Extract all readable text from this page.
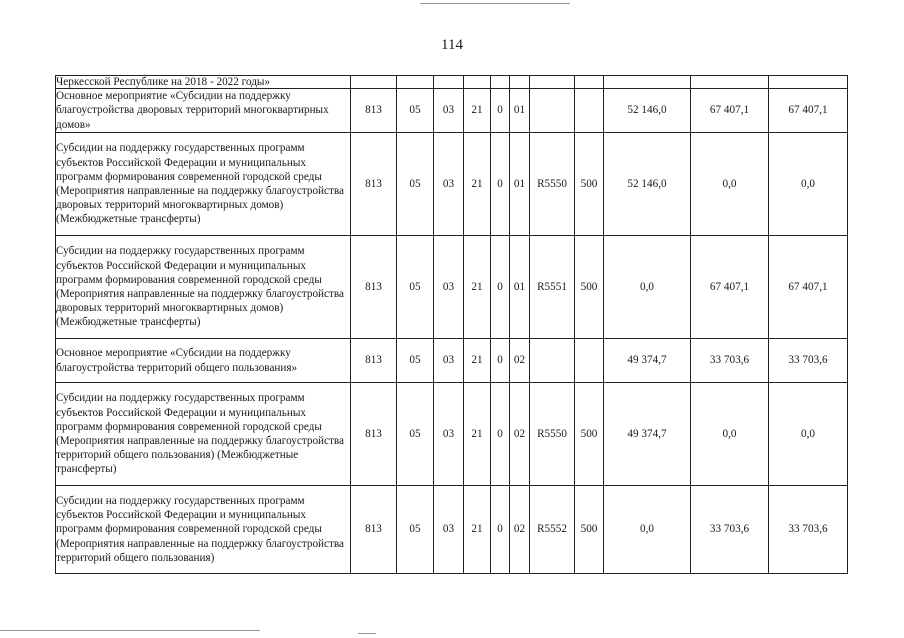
114
Черкесской Республике на 2018 - 2022 годы»											

Основное мероприятие «Субсидии на поддержку благоустройства дворовых территорий многоквартирных домов»	813	05	03	21	0	01			52 146,0	67 407,1	67 407,1

Субсидии на поддержку государственных программ субъектов Российской Федерации и муниципальных программ формирования современной городской среды (Мероприятия направленные на поддержку благоустройства дворовых территорий многоквартирных домов) (Межбюджетные трансферты)	813	05	03	21	0	01	R5550	500	52 146,0	0,0	0,0

Субсидии на поддержку государственных программ субъектов Российской Федерации и муниципальных программ формирования современной городской среды (Мероприятия направленные на поддержку благоустройства дворовых территорий многоквартирных домов) (Межбюджетные трансферты)	813	05	03	21	0	01	R5551	500	0,0	67 407,1	67 407,1

Основное мероприятие «Субсидии на поддержку благоустройства территорий общего пользования»	813	05	03	21	0	02			49 374,7	33 703,6	33 703,6

Субсидии на поддержку государственных программ субъектов Российской Федерации и муниципальных программ формирования современной городской среды (Мероприятия направленные на поддержку благоустройства территорий общего пользования) (Межбюджетные трансферты)	813	05	03	21	0	02	R5550	500	49 374,7	0,0	0,0

Субсидии на поддержку государственных программ субъектов Российской Федерации и муниципальных программ формирования современной городской среды (Мероприятия направленные на поддержку благоустройства территорий общего пользования)	813	05	03	21	0	02	R5552	500	0,0	33 703,6	33 703,6
